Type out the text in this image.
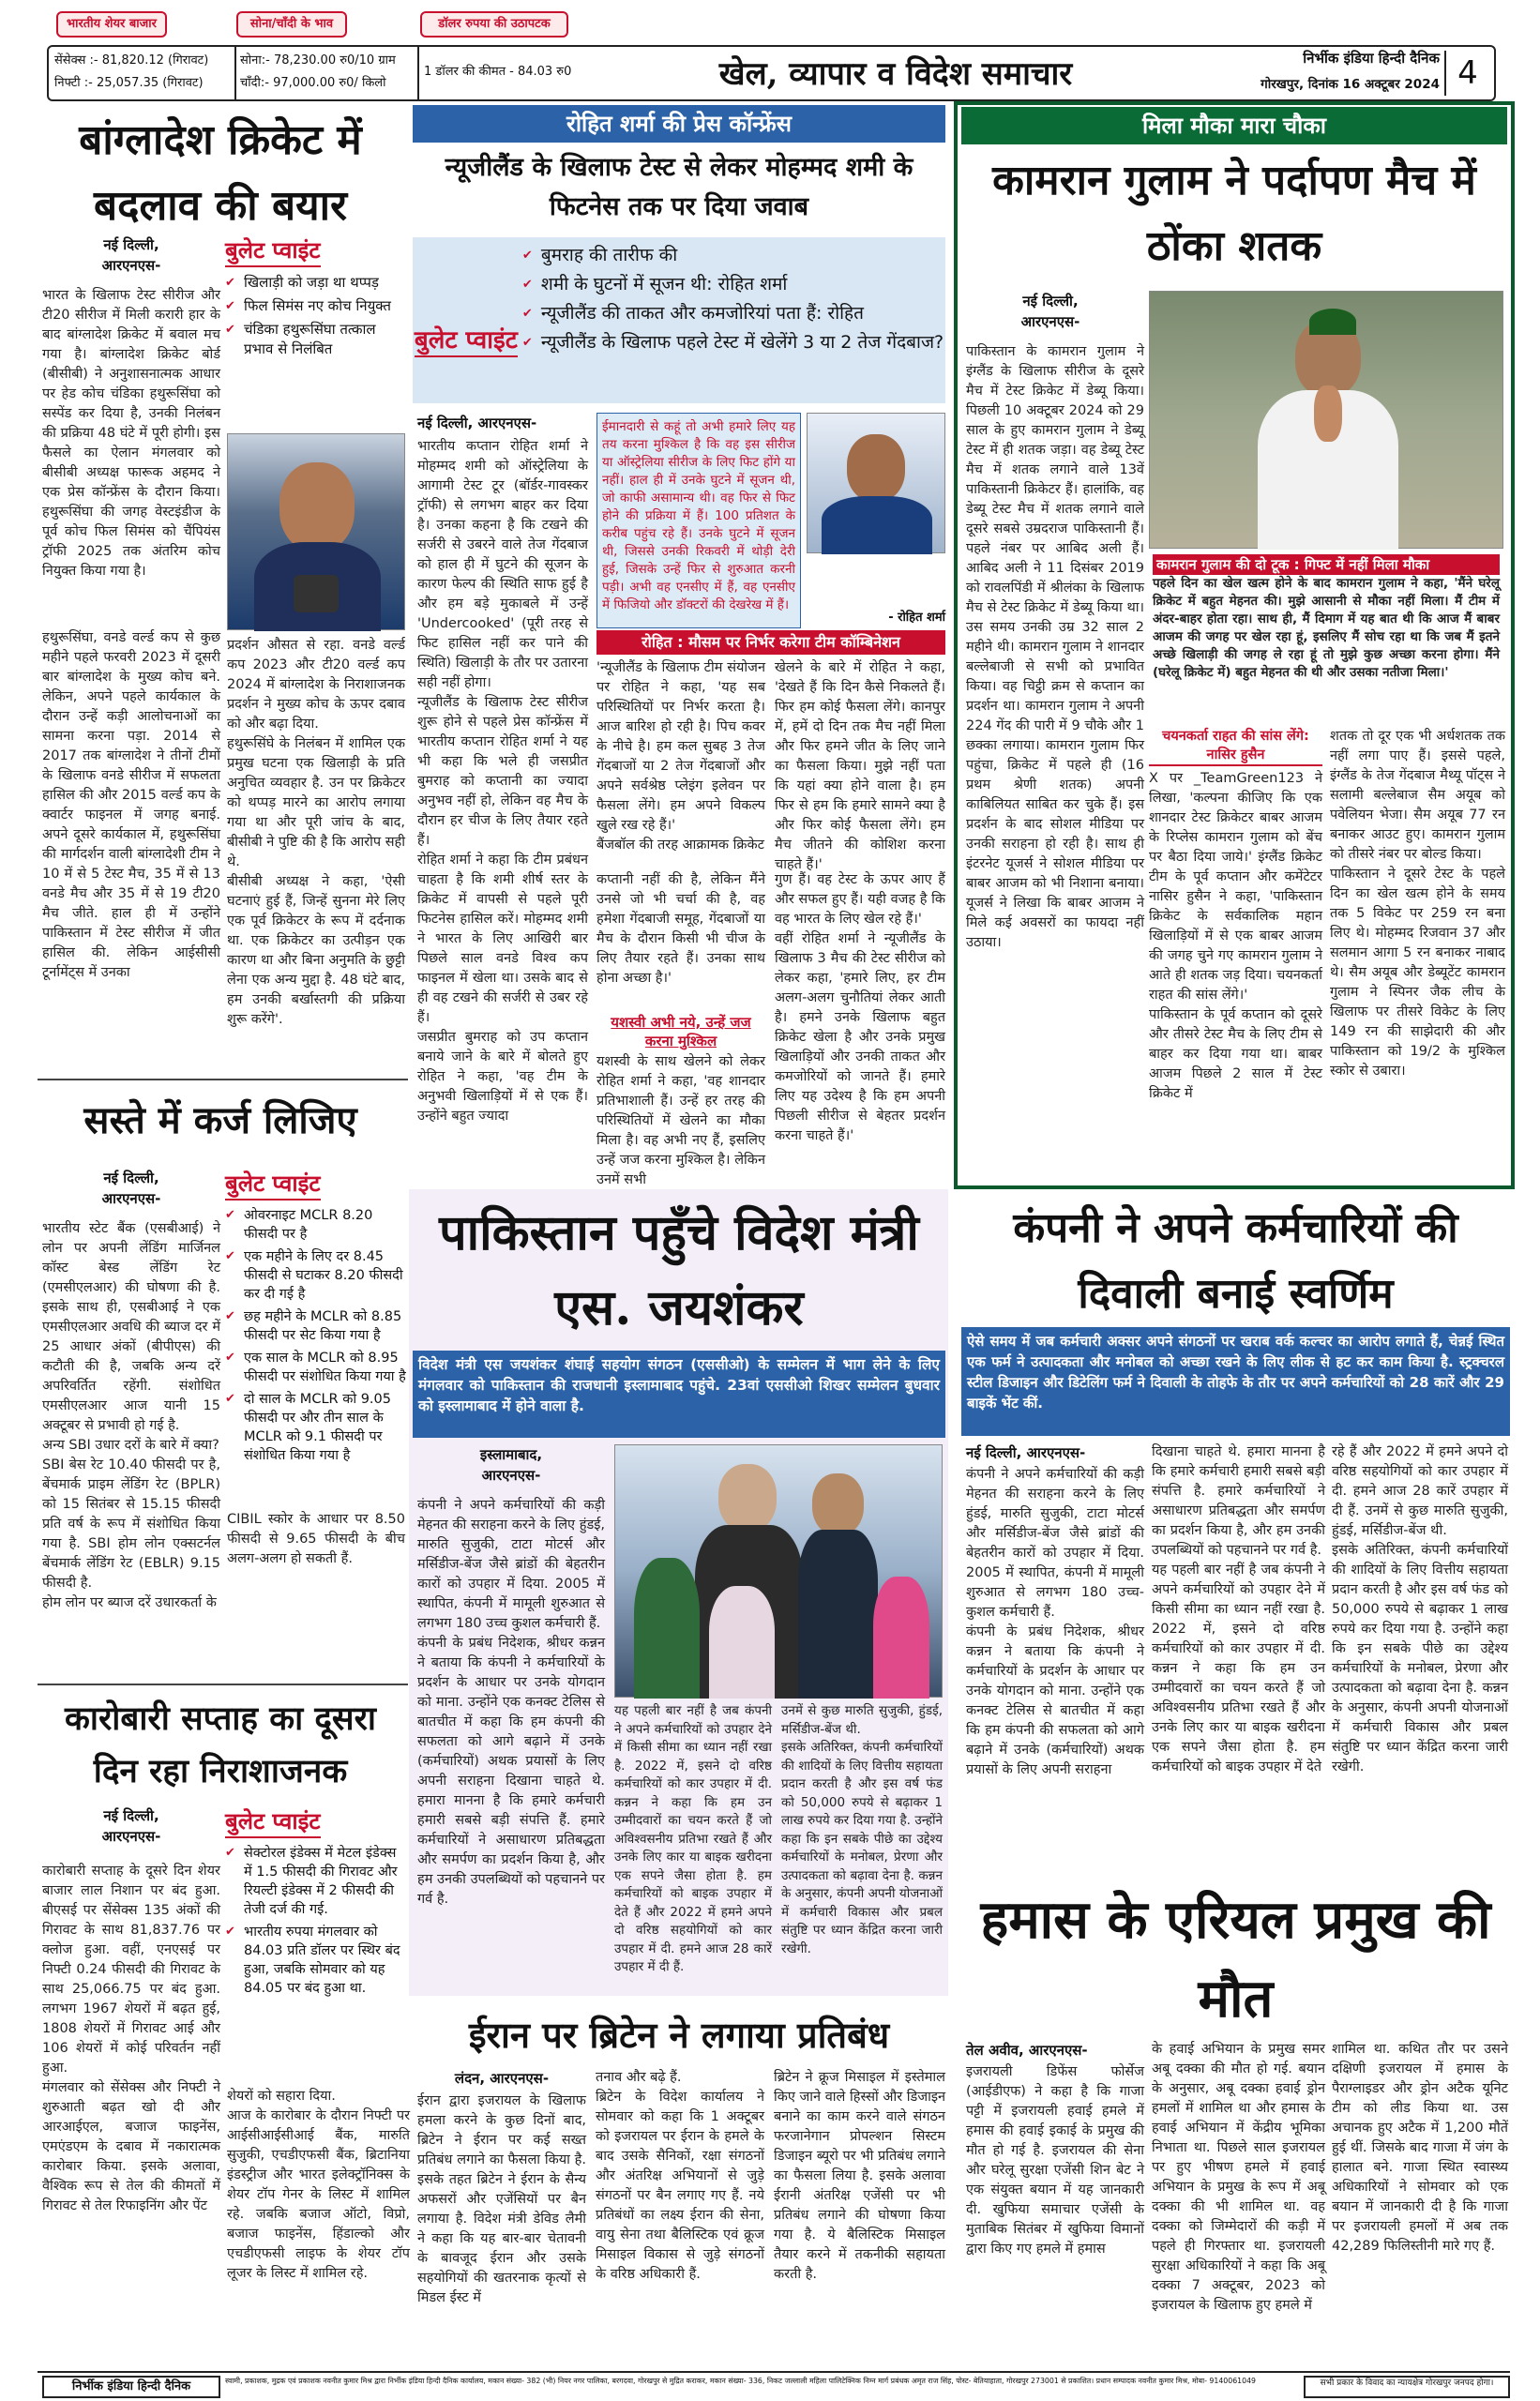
भारतीय शेयर बाजार	सोना/चाँदी के भाव	डॉलर रुपया की उठापटक
सेंसेक्स :- 81,820.12 (गिरावट)
निफ्टी :- 25,057.35 (गिरावट)
सोना:- 78,230.00 रु0/10 ग्राम
चाँदी:- 97,000.00 रु0/ किलो
1 डॉलर की कीमत - 84.03 रु0	खेल, व्यापार व विदेश समाचार	निर्भीक इंडिया हिन्दी दैनिक
गोरखपुर, दिनांक 16 अक्टूबर 2024 4
बांग्लादेश क्रिकेट में बदलाव की बयार
नई दिल्ली,
आरएनएस-
भारत के खिलाफ टेस्ट सीरीज और टी20 सीरीज में मिली करारी हार के बाद बांग्लादेश क्रिकेट में बवाल मच गया है। बांग्लादेश क्रिकेट बोर्ड (बीसीबी) ने अनुशासनात्मक आधार पर हेड कोच चंडिका हथुरूसिंघा को सस्पेंड कर दिया है, उनकी निलंबन की प्रक्रिया 48 घंटे में पूरी होगी। इस फैसले का ऐलान मंगलवार को बीसीबी अध्यक्ष फारूक अहमद ने एक प्रेस कॉन्फ्रेंस के दौरान किया। हथुरूसिंघा की जगह वेस्टइंडीज के पूर्व कोच फिल सिमंस को चैंपियंस ट्रॉफी 2025 तक अंतरिम कोच नियुक्त किया गया है।
बुलेट प्वाइंट
✔ खिलाड़ी को जड़ा था थप्पड़
✔ फिल सिमंस नए कोच नियुक्त
✔ चंडिका हथुरूसिंघा तत्काल प्रभाव से निलंबित
हथुरूसिंघा, वनडे वर्ल्ड कप से कुछ महीने पहले फरवरी 2023 में दूसरी बार बांग्लादेश के मुख्य कोच बने. लेकिन, अपने पहले कार्यकाल के दौरान उन्हें कड़ी आलोचनाओं का सामना करना पड़ा. 2014 से 2017 तक बांग्लादेश ने तीनों टीमों के खिलाफ वनडे सीरीज में सफलता हासिल की और 2015 वर्ल्ड कप के क्वार्टर फाइनल में जगह बनाई. अपने दूसरे कार्यकाल में, हथुरूसिंघा की मार्गदर्शन वाली बांग्लादेशी टीम ने 10 में से 5 टेस्ट मैच, 35 में से 13 वनडे मैच और 35 में से 19 टी20 मैच जीते. हाल ही में उन्होंने पाकिस्तान में टेस्ट सीरीज में जीत हासिल की. लेकिन आईसीसी टूर्नामेंट्स में उनका
प्रदर्शन औसत से रहा. वनडे वर्ल्ड कप 2023 और टी20 वर्ल्ड कप 2024 में बांग्लादेश के निराशाजनक प्रदर्शन ने मुख्य कोच के ऊपर दबाव को और बढ़ा दिया.
हथुरूसिंघे के निलंबन में शामिल एक प्रमुख घटना एक खिलाड़ी के प्रति अनुचित व्यवहार है. उन पर क्रिकेटर को थप्पड़ मारने का आरोप लगाया गया था और पूरी जांच के बाद, बीसीबी ने पुष्टि की है कि आरोप सही थे.
बीसीबी अध्यक्ष ने कहा, 'ऐसी घटनाएं हुई हैं, जिन्हें सुनना मेरे लिए एक पूर्व क्रिकेटर के रूप में दर्दनाक था. एक क्रिकेटर का उत्पीड़न एक कारण था और बिना अनुमति के छुट्टी लेना एक अन्य मुद्दा है. 48 घंटे बाद, हम उनकी बर्खास्तगी की प्रक्रिया शुरू करेंगे'.
सस्ते में कर्ज लिजिए
नई दिल्ली,
आरएनएस-
भारतीय स्टेट बैंक (एसबीआई) ने लोन पर अपनी लेंडिंग मार्जिनल कॉस्ट बेस्ड लेंडिंग रेट (एमसीएलआर) की घोषणा की है. इसके साथ ही, एसबीआई ने एक एमसीएलआर अवधि की ब्याज दर में 25 आधार अंकों (बीपीएस) की कटौती की है, जबकि अन्य दरें अपरिवर्तित रहेंगी. संशोधित एमसीएलआर आज यानी 15 अक्टूबर से प्रभावी हो गई है.
अन्य SBI उधार दरों के बारे में क्या?
SBI बेस रेट 10.40 फीसदी पर है, बेंचमार्क प्राइम लेंडिंग रेट (BPLR) को 15 सितंबर से 15.15 फीसदी प्रति वर्ष के रूप में संशोधित किया गया है. SBI होम लोन एक्सटर्नल बेंचमार्क लेंडिंग रेट (EBLR) 9.15 फीसदी है.
होम लोन पर ब्याज दरें उधारकर्ता के
बुलेट प्वाइंट
✔ ओवरनाइट MCLR 8.20 फीसदी पर है
✔ एक महीने के लिए दर 8.45 फीसदी से घटाकर 8.20 फीसदी कर दी गई है
✔ छह महीने के MCLR को 8.85 फीसदी पर सेट किया गया है
✔ एक साल के MCLR को 8.95 फीसदी पर संशोधित किया गया है
✔ दो साल के MCLR को 9.05 फीसदी पर और तीन साल के MCLR को 9.1 फीसदी पर संशोधित किया गया है
CIBIL स्कोर के आधार पर 8.50 फीसदी से 9.65 फीसदी के बीच अलग-अलग हो सकती हैं.
कारोबारी सप्ताह का दूसरा दिन रहा निराशाजनक
नई दिल्ली,
आरएनएस-
कारोबारी सप्ताह के दूसरे दिन शेयर बाजार लाल निशान पर बंद हुआ. बीएसई पर सेंसेक्स 135 अंकों की गिरावट के साथ 81,837.76 पर क्लोज हुआ. वहीं, एनएसई पर निफ्टी 0.24 फीसदी की गिरावट के साथ 25,066.75 पर बंद हुआ. लगभग 1967 शेयरों में बढ़त हुई, 1808 शेयरों में गिरावट आई और 106 शेयरों में कोई परिवर्तन नहीं हुआ.
मंगलवार को सेंसेक्स और निफ्टी ने शुरुआती बढ़त खो दी और आरआईएल, बजाज फाइनेंस, एमएंडएम के दबाव में नकारात्मक कारोबार किया. इसके अलावा, वैश्विक रूप से तेल की कीमतों में गिरावट से तेल रिफाइनिंग और पेंट
बुलेट प्वाइंट
✔ सेक्टोरल इंडेक्स में मेटल इंडेक्स में 1.5 फीसदी की गिरावट और रियल्टी इंडेक्स में 2 फीसदी की तेजी दर्ज की गई.
✔ भारतीय रुपया मंगलवार को 84.03 प्रति डॉलर पर स्थिर बंद हुआ, जबकि सोमवार को यह 84.05 पर बंद हुआ था.
शेयरों को सहारा दिया.
आज के कारोबार के दौरान निफ्टी पर आईसीआईसीआई बैंक, मारुति सुजुकी, एचडीएफसी बैंक, ब्रिटानिया इंडस्ट्रीज और भारत इलेक्ट्रॉनिक्स के शेयर टॉप गेनर के लिस्ट में शामिल रहे. जबकि बजाज ऑटो, विप्रो, बजाज फाइनेंस, हिंडाल्को और एचडीएफसी लाइफ के शेयर टॉप लूजर के लिस्ट में शामिल रहे.
रोहित शर्मा की प्रेस कॉन्फ्रेंस
न्यूजीलैंड के खिलाफ टेस्ट से लेकर मोहम्मद शमी के फिटनेस तक पर दिया जवाब
बुलेट प्वाइंट
✔ बुमराह की तारीफ की
✔ शमी के घुटनों में सूजन थी: रोहित शर्मा
✔ न्यूजीलैंड की ताकत और कमजोरियां पता हैं: रोहित
✔ न्यूजीलैंड के खिलाफ पहले टेस्ट में खेलेंगे 3 या 2 तेज गेंदबाज?
नई दिल्ली, आरएनएस-
भारतीय कप्तान रोहित शर्मा ने मोहम्मद शमी को ऑस्ट्रेलिया के आगामी टेस्ट टूर (बॉर्डर-गावस्कर ट्रॉफी) से लगभग बाहर कर दिया है। उनका कहना है कि टखने की सर्जरी से उबरने वाले तेज गेंदबाज को हाल ही में घुटने की सूजन के कारण फेल्प की स्थिति साफ हुई है और हम बड़े मुकाबले में उन्हें 'Undercooked' (पूरी तरह से फिट हासिल नहीं कर पाने की स्थिति) खिलाड़ी के तौर पर उतारना सही नहीं होगा।
न्यूजीलैंड के खिलाफ टेस्ट सीरीज शुरू होने से पहले प्रेस कॉन्फ्रेंस में भारतीय कप्तान रोहित शर्मा ने यह भी कहा कि भले ही जसप्रीत बुमराह को कप्तानी का ज्यादा अनुभव नहीं हो, लेकिन वह मैच के दौरान हर चीज के लिए तैयार रहते हैं।
रोहित शर्मा ने कहा कि टीम प्रबंधन चाहता है कि शमी शीर्ष स्तर के क्रिकेट में वापसी से पहले पूरी फिटनेस हासिल करें। मोहम्मद शमी ने भारत के लिए आखिरी बार पिछले साल वनडे विश्व कप फाइनल में खेला था। उसके बाद से ही वह टखने की सर्जरी से उबर रहे हैं।
जसप्रीत बुमराह को उप कप्तान बनाये जाने के बारे में बोलते हुए रोहित ने कहा, 'वह टीम के अनुभवी खिलाड़ियों में से एक हैं। उन्होंने बहुत ज्यादा
ईमानदारी से कहूं तो अभी हमारे लिए यह तय करना मुश्किल है कि वह इस सीरीज या ऑस्ट्रेलिया सीरीज के लिए फिट होंगे या नहीं। हाल ही में उनके घुटने में सूजन थी, जो काफी असामान्य थी। वह फिर से फिट होने की प्रक्रिया में हैं। 100 प्रतिशत के करीब पहुंच रहे हैं। उनके घुटने में सूजन थी, जिससे उनकी रिकवरी में थोड़ी देरी हुई, जिसके उन्हें फिर से शुरुआत करनी पड़ी। अभी वह एनसीए में हैं, वह एनसीए में फिजियो और डॉक्टरों की देखरेख में हैं।
- रोहित शर्मा
रोहित : मौसम पर निर्भर करेगा टीम कॉम्बिनेशन
'न्यूजीलैंड के खिलाफ टीम संयोजन पर रोहित ने कहा, 'यह सब परिस्थितियों पर निर्भर करता है। आज बारिश हो रही है। पिच कवर के नीचे है। हम कल सुबह 3 तेज गेंदबाजों या 2 तेज गेंदबाजों और अपने सर्वश्रेष्ठ प्लेइंग इलेवन पर फैसला लेंगे। हम अपने विकल्प खुले रख रहे हैं।'
बैंजबॉल की तरह आक्रामक क्रिकेट
खेलने के बारे में रोहित ने कहा, 'देखते हैं कि दिन कैसे निकलते हैं। फिर हम कोई फैसला लेंगे। कानपुर में, हमें दो दिन तक मैच नहीं मिला और फिर हमने जीत के लिए जाने का फैसला किया। मुझे नहीं पता कि यहां क्या होने वाला है। हम फिर से हम कि हमारे सामने क्या है और फिर कोई फैसला लेंगे। हम मैच जीतने की कोशिश करना चाहते हैं।'
कप्तानी नहीं की है, लेकिन मैंने उनसे जो भी चर्चा की है, वह हमेशा गेंदबाजी समूह, गेंदबाजों या मैच के दौरान किसी भी चीज के लिए तैयार रहते हैं। उनका साथ होना अच्छा है।'
यशस्वी अभी नये, उन्हें जज करना मुश्किल
यशस्वी के साथ खेलने को लेकर रोहित शर्मा ने कहा, 'वह शानदार प्रतिभाशाली हैं। उन्हें हर तरह की परिस्थितियों में खेलने का मौका मिला है। वह अभी नए हैं, इसलिए उन्हें जज करना मुश्किल है। लेकिन उनमें सभी
गुण हैं। वह टेस्ट के ऊपर आए हैं और सफल हुए हैं। यही वजह है कि वह भारत के लिए खेल रहे हैं।'
वहीं रोहित शर्मा ने न्यूजीलैंड के खिलाफ 3 मैच की टेस्ट सीरीज को लेकर कहा, 'हमारे लिए, हर टीम अलग-अलग चुनौतियां लेकर आती है। हमने उनके खिलाफ बहुत क्रिकेट खेला है और उनके प्रमुख खिलाड़ियों और उनकी ताकत और कमजोरियों को जानते हैं। हमारे लिए यह उदेश्य है कि हम अपनी पिछली सीरीज से बेहतर प्रदर्शन करना चाहते हैं।'
पाकिस्तान पहुँचे विदेश मंत्री एस. जयशंकर
विदेश मंत्री एस जयशंकर शंघाई सहयोग संगठन (एससीओ) के सम्मेलन में भाग लेने के लिए मंगलवार को पाकिस्तान की राजधानी इस्लामाबाद पहुंचे. 23वां एससीओ शिखर सम्मेलन बुधवार को इस्लामाबाद में होने वाला है.
इस्लामाबाद,
आरएनएस-
कंपनी ने अपने कर्मचारियों की कड़ी मेहनत की सराहना करने के लिए हुंडई, मारुति सुजुकी, टाटा मोटर्स और मर्सिडीज-बेंज जैसे ब्रांडों की बेहतरीन कारों को उपहार में दिया. 2005 में स्थापित, कंपनी में मामूली शुरुआत से लगभग 180 उच्च कुशल कर्मचारी हैं.
कंपनी के प्रबंध निदेशक, श्रीधर कन्नन ने बताया कि कंपनी ने कर्मचारियों के प्रदर्शन के आधार पर उनके योगदान को माना. उन्होंने एक कनक्ट टेलिस से बातचीत में कहा कि हम कंपनी की सफलता को आगे बढ़ाने में उनके (कर्मचारियों) अथक प्रयासों के लिए अपनी सराहना दिखाना चाहते थे. हमारा मानना है कि हमारे कर्मचारी हमारी सबसे बड़ी संपत्ति हैं. हमारे कर्मचारियों ने असाधारण प्रतिबद्धता और समर्पण का प्रदर्शन किया है, और हम उनकी उपलब्धियों को पहचानने पर गर्व है.
यह पहली बार नहीं है जब कंपनी ने अपने कर्मचारियों को उपहार देने में किसी सीमा का ध्यान नहीं रखा है. 2022 में, इसने दो वरिष्ठ कर्मचारियों को कार उपहार में दी. कन्नन ने कहा कि हम उन उम्मीदवारों का चयन करते हैं जो अविश्वसनीय प्रतिभा रखते हैं और उनके लिए कार या बाइक खरीदना एक सपने जैसा होता है. हम कर्मचारियों को बाइक उपहार में देते हैं और 2022 में हमने अपने दो वरिष्ठ सहयोगियों को कार उपहार में दी. हमने आज 28 कारें उपहार में दी हैं.
उनमें से कुछ मारुति सुजुकी, हुंडई, मर्सिडीज-बेंज थी.
इसके अतिरिक्त, कंपनी कर्मचारियों की शादियों के लिए वित्तीय सहायता प्रदान करती है और इस वर्ष फंड को 50,000 रुपये से बढ़ाकर 1 लाख रुपये कर दिया गया है. उन्होंने कहा कि इन सबके पीछे का उद्देश्य कर्मचारियों के मनोबल, प्रेरणा और उत्पादकता को बढ़ावा देना है. कन्नन के अनुसार, कंपनी अपनी योजनाओं में कर्मचारी विकास और प्रबल संतुष्टि पर ध्यान केंद्रित करना जारी रखेगी.
ईरान पर ब्रिटेन ने लगाया प्रतिबंध
लंदन, आरएनएस-
ईरान द्वारा इजरायल के खिलाफ हमला करने के कुछ दिनों बाद, ब्रिटेन ने ईरान पर कई सख्त प्रतिबंध लगाने का फैसला किया है. इसके तहत ब्रिटेन ने ईरान के सैन्य अफसरों और एजेंसियों पर बैन लगाया है. विदेश मंत्री डेविड लैमी ने कहा कि यह बार-बार चेतावनी के बावजूद ईरान और उसके सहयोगियों की खतरनाक कृत्यों से मिडल ईस्ट में
तनाव और बढ़े हैं.
ब्रिटेन के विदेश कार्यालय ने सोमवार को कहा कि 1 अक्टूबर को इजरायल पर ईरान के हमले के बाद उसके सैनिकों, रक्षा संगठनों और अंतरिक्ष अभियानों से जुड़े संगठनों पर बैन लगाए गए हैं. नये प्रतिबंधों का लक्ष्य ईरान की सेना, वायु सेना तथा बैलिस्टिक एवं क्रूज मिसाइल विकास से जुड़े संगठनों के वरिष्ठ अधिकारी हैं.
ब्रिटेन ने क्रूज मिसाइल में इस्तेमाल किए जाने वाले हिस्सों और डिजाइन बनाने का काम करने वाले संगठन फरजानेगान प्रोपल्शन सिस्टम डिजाइन ब्यूरो पर भी प्रतिबंध लगाने का फैसला लिया है. इसके अलावा ईरानी अंतरिक्ष एजेंसी पर भी प्रतिबंध लगाने की घोषणा किया गया है. ये बैलिस्टिक मिसाइल तैयार करने में तकनीकी सहायता करती है.
मिला मौका मारा चौका
कामरान गुलाम ने पर्दापण मैच में ठोंका शतक
नई दिल्ली,
आरएनएस-
पाकिस्तान के कामरान गुलाम ने इंग्लैंड के खिलाफ सीरीज के दूसरे मैच में टेस्ट क्रिकेट में डेब्यू किया। पिछली 10 अक्टूबर 2024 को 29 साल के हुए कामरान गुलाम ने डेब्यू टेस्ट में ही शतक जड़ा। वह डेब्यू टेस्ट मैच में शतक लगाने वाले 13वें पाकिस्तानी क्रिकेटर हैं। हालांकि, वह डेब्यू टेस्ट मैच में शतक लगाने वाले दूसरे सबसे उम्रदराज पाकिस्तानी हैं। पहले नंबर पर आबिद अली हैं। आबिद अली ने 11 दिसंबर 2019 को रावलपिंडी में श्रीलंका के खिलाफ मैच से टेस्ट क्रिकेट में डेब्यू किया था। उस समय उनकी उम्र 32 साल 2 महीने थी। कामरान गुलाम ने शानदार बल्लेबाजी से सभी को प्रभावित किया। वह चिट्ठी क्रम से कप्तान का प्रदर्शन था। कामरान गुलाम ने अपनी 224 गेंद की पारी में 9 चौके और 1 छक्का लगाया। कामरान गुलाम फिर पहुंचा, क्रिकेट में पहले ही (16 प्रथम श्रेणी शतक) अपनी काबिलियत साबित कर चुके हैं। इस प्रदर्शन के बाद सोशल मीडिया पर उनकी सराहना हो रही है। साथ ही इंटरनेट यूजर्स ने सोशल मीडिया पर बाबर आजम को भी निशाना बनाया। यूजर्स ने लिखा कि बाबर आजम ने मिले कई अवसरों का फायदा नहीं उठाया।
कामरान गुलाम की दो टूक : गिफ्ट में नहीं मिला मौका
पहले दिन का खेल खत्म होने के बाद कामरान गुलाम ने कहा, 'मैंने घरेलू क्रिकेट में बहुत मेहनत की। मुझे आसानी से मौका नहीं मिला। मैं टीम में अंदर-बाहर होता रहा। साथ ही, मैं दिमाग में यह बात थी कि आज मैं बाबर आजम की जगह पर खेल रहा हूं, इसलिए मैं सोच रहा था कि जब मैं इतने अच्छे खिलाड़ी की जगह ले रहा हूं तो मुझे कुछ अच्छा करना होगा। मैंने (घरेलू क्रिकेट में) बहुत मेहनत की थी और उसका नतीजा मिला।'
चयनकर्ता राहत की सांस लेंगे: नासिर हुसैन
X पर _TeamGreen123 ने लिखा, 'कल्पना कीजिए कि एक शानदार टेस्ट क्रिकेटर बाबर आजम के रिप्लेस कामरान गुलाम को बेंच पर बैठा दिया जाये।' इंग्लैंड क्रिकेट टीम के पूर्व कप्तान और कमेंटेटर नासिर हुसैन ने कहा, 'पाकिस्तान क्रिकेट के सर्वकालिक महान खिलाड़ियों में से एक बाबर आजम की जगह चुने गए कामरान गुलाम ने आते ही शतक जड़ दिया। चयनकर्ता राहत की सांस लेंगे।'
पाकिस्तान के पूर्व कप्तान को दूसरे और तीसरे टेस्ट मैच के लिए टीम से बाहर कर दिया गया था। बाबर आजम पिछले 2 साल में टेस्ट क्रिकेट में
शतक तो दूर एक भी अर्धशतक तक नहीं लगा पाए हैं। इससे पहले, इंग्लैंड के तेज गेंदबाज मैथ्यू पॉट्स ने सलामी बल्लेबाज सैम अयूब को पवेलियन भेजा। सैम अयूब 77 रन बनाकर आउट हुए। कामरान गुलाम को तीसरे नंबर पर बोल्ड किया।
पाकिस्तान ने दूसरे टेस्ट के पहले दिन का खेल खत्म होने के समय तक 5 विकेट पर 259 रन बना लिए थे। मोहम्मद रिजवान 37 और सलमान आगा 5 रन बनाकर नाबाद थे। सैम अयूब और डेब्यूटेंट कामरान गुलाम ने स्पिनर जैक लीच के खिलाफ पर तीसरे विकेट के लिए 149 रन की साझेदारी की और पाकिस्तान को 19/2 के मुश्किल स्कोर से उबारा।
कंपनी ने अपने कर्मचारियों की दिवाली बनाई स्वर्णिम
ऐसे समय में जब कर्मचारी अक्सर अपने संगठनों पर खराब वर्क कल्चर का आरोप लगाते हैं, चेन्नई स्थित एक फर्म ने उत्पादकता और मनोबल को अच्छा रखने के लिए लीक से हट कर काम किया है. स्ट्रक्चरल स्टील डिजाइन और डिटेलिंग फर्म ने दिवाली के तोहफे के तौर पर अपने कर्मचारियों को 28 कारें और 29 बाइकें भेंट कीं.
नई दिल्ली, आरएनएस-
कंपनी ने अपने कर्मचारियों की कड़ी मेहनत की सराहना करने के लिए हुंडई, मारुति सुजुकी, टाटा मोटर्स और मर्सिडीज-बेंज जैसे ब्रांडों की बेहतरीन कारों को उपहार में दिया. 2005 में स्थापित, कंपनी में मामूली शुरुआत से लगभग 180 उच्च-कुशल कर्मचारी हैं.
कंपनी के प्रबंध निदेशक, श्रीधर कन्नन ने बताया कि कंपनी ने कर्मचारियों के प्रदर्शन के आधार पर उनके योगदान को माना. उन्होंने एक कनक्ट टेलिस से बातचीत में कहा कि हम कंपनी की सफलता को आगे बढ़ाने में उनके (कर्मचारियों) अथक प्रयासों के लिए अपनी सराहना
दिखाना चाहते थे. हमारा मानना है कि हमारे कर्मचारी हमारी सबसे बड़ी संपत्ति है. हमारे कर्मचारियों ने असाधारण प्रतिबद्धता और समर्पण का प्रदर्शन किया है, और हम उनकी उपलब्धियों को पहचानने पर गर्व है.
यह पहली बार नहीं है जब कंपनी ने अपने कर्मचारियों को उपहार देने में किसी सीमा का ध्यान नहीं रखा है. 2022 में, इसने दो वरिष्ठ कर्मचारियों को कार उपहार में दी. कन्नन ने कहा कि हम उन उम्मीदवारों का चयन करते हैं जो अविश्वसनीय प्रतिभा रखते हैं और उनके लिए कार या बाइक खरीदना एक सपने जैसा होता है. हम कर्मचारियों को बाइक उपहार में देते
रहे हैं और 2022 में हमने अपने दो वरिष्ठ सहयोगियों को कार उपहार में दी. हमने आज 28 कारें उपहार में दी हैं. उनमें से कुछ मारुति सुजुकी, हुंडई, मर्सिडीज-बेंज थी.
इसके अतिरिक्त, कंपनी कर्मचारियों की शादियों के लिए वित्तीय सहायता प्रदान करती है और इस वर्ष फंड को 50,000 रुपये से बढ़ाकर 1 लाख रुपये कर दिया गया है. उन्होंने कहा कि इन सबके पीछे का उद्देश्य कर्मचारियों के मनोबल, प्रेरणा और उत्पादकता को बढ़ावा देना है. कन्नन के अनुसार, कंपनी अपनी योजनाओं में कर्मचारी विकास और प्रबल संतुष्टि पर ध्यान केंद्रित करना जारी रखेगी.
हमास के एरियल प्रमुख की मौत
तेल अवीव, आरएनएस-
इजरायली डिफेंस फोर्सेज (आईडीएफ) ने कहा है कि गाजा पट्टी में इजरायली हवाई हमले में हमास की हवाई इकाई के प्रमुख की मौत हो गई है. इजरायल की सेना और घरेलू सुरक्षा एजेंसी शिन बेट ने एक संयुक्त बयान में यह जानकारी दी. खुफिया समाचार एजेंसी के मुताबिक सितंबर में खुफिया विमानों द्वारा किए गए हमले में हमास
के हवाई अभियान के प्रमुख समर अबू दक्का की मौत हो गई. बयान के अनुसार, अबू दक्का हवाई ड्रोन हमलों में शामिल था और हमास के हवाई अभियान में केंद्रीय भूमिका निभाता था. पिछले साल इजरायल पर हुए भीषण हमले में हवाई अभियान के प्रमुख के रूप में अबू दक्का की भी शामिल था. वह दक्का को जिम्मेदारों की कड़ी में पहले ही गिरफ्तार था. इजरायली सुरक्षा अधिकारियों ने कहा कि अबू दक्का 7 अक्टूबर, 2023 को इजरायल के खिलाफ हुए हमले में
शामिल था. कथित तौर पर उसने दक्षिणी इजरायल में हमास के पैराग्लाइडर और ड्रोन अटैक यूनिट टीम को लीड किया था. उस अचानक हुए अटैक में 1,200 मौतें हुई थीं. जिसके बाद गाजा में जंग के हालात बने. गाजा स्थित स्वास्थ्य अधिकारियों ने सोमवार को एक बयान में जानकारी दी है कि गाजा पर इजरायली हमलों में अब तक 42,289 फिलिस्तीनी मारे गए हैं.
निर्भीक इंडिया हिन्दी दैनिक	स्वामी, प्रकाशक, मुद्रक एवं प्रकाशक नवनीत कुमार मिश्र द्वारा निर्भीक इंडिया हिन्दी दैनिक कार्यालय, मकान संख्या- 382 (भी) नियर नगर पालिका, बरगदवा, गोरखपुर से मुद्रित कराकर, मकान संख्या- 336, निकट जल्लाली महिला पालिटेक्निक निम्न मार्ग प्रबंधक अमृत राज सिंह, पोस्ट- बेतियाहाता, गोरखपुर 273001 से प्रकाशित। प्रधान सम्पादक नवनीत कुमार मिश्र, मोबा- 9140061049	सभी प्रकार के विवाद का न्यायक्षेत्र गोरखपुर जनपद होगा।
